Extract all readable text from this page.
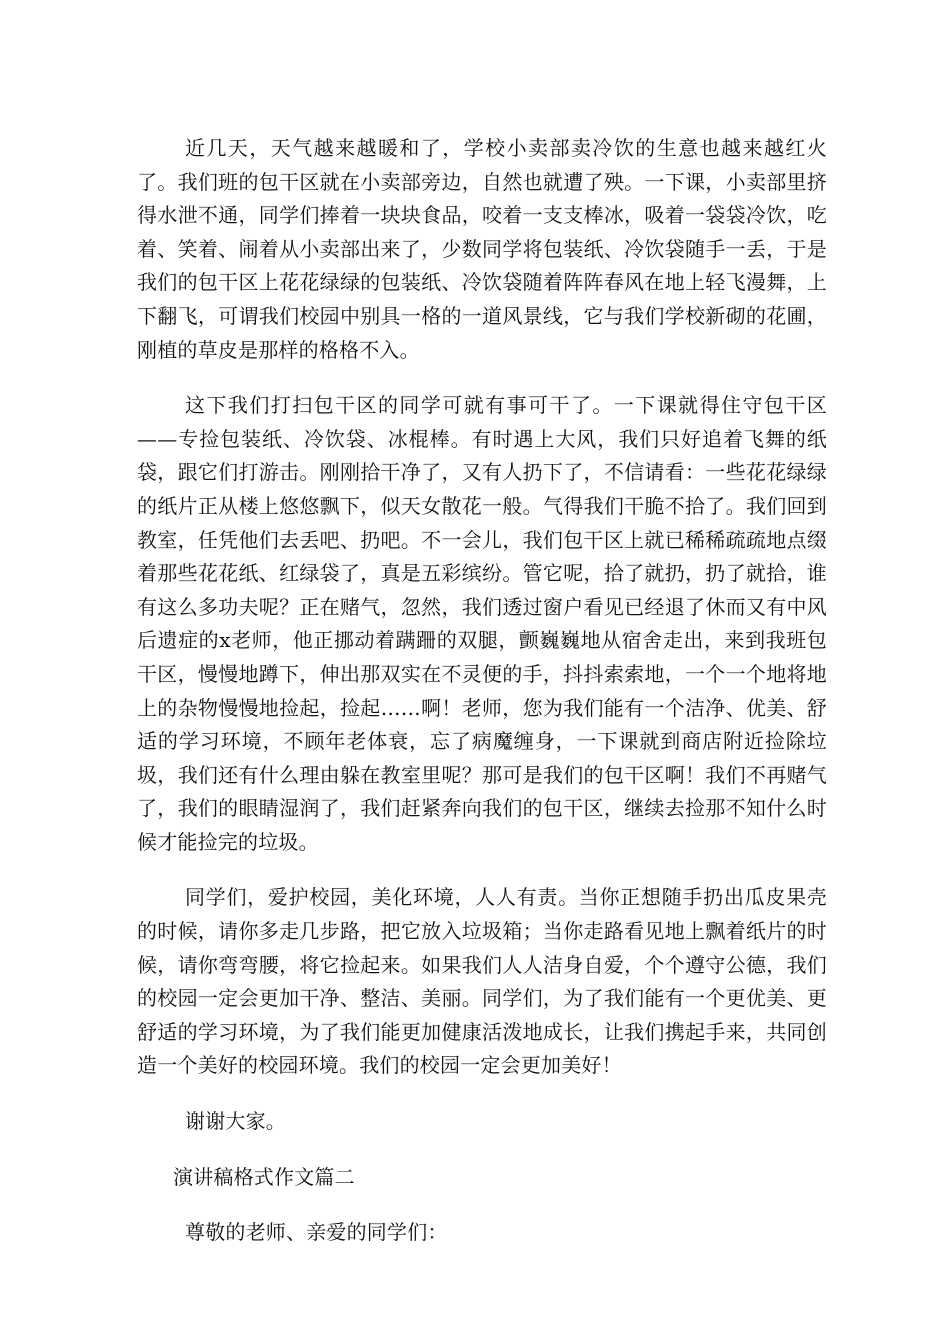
近几天，天气越来越暖和了，学校小卖部卖冷饮的生意也越来越红火了。我们班的包干区就在小卖部旁边，自然也就遭了殃。一下课，小卖部里挤得水泄不通，同学们捧着一块块食品，咬着一支支棒冰，吸着一袋袋冷饮，吃着、笑着、闹着从小卖部出来了，少数同学将包装纸、冷饮袋随手一丢，于是我们的包干区上花花绿绿的包装纸、冷饮袋随着阵阵春风在地上轻飞漫舞，上下翻飞，可谓我们校园中别具一格的一道风景线，它与我们学校新砌的花圃，刚植的草皮是那样的格格不入。

这下我们打扫包干区的同学可就有事可干了。一下课就得住守包干区——专捡包装纸、冷饮袋、冰棍棒。有时遇上大风，我们只好追着飞舞的纸袋，跟它们打游击。刚刚拾干净了，又有人扔下了，不信请看：一些花花绿绿的纸片正从楼上悠悠飘下，似天女散花一般。气得我们干脆不拾了。我们回到教室，任凭他们去丢吧、扔吧。不一会儿，我们包干区上就已稀稀疏疏地点缀着那些花花纸、红绿袋了，真是五彩缤纷。管它呢，拾了就扔，扔了就拾，谁有这么多功夫呢？正在赌气，忽然，我们透过窗户看见已经退了休而又有中风后遗症的x老师，他正挪动着蹒跚的双腿，颤巍巍地从宿舍走出，来到我班包干区，慢慢地蹲下，伸出那双实在不灵便的手，抖抖索索地，一个一个地将地上的杂物慢慢地捡起，捡起……啊！老师，您为我们能有一个洁净、优美、舒适的学习环境，不顾年老体衰，忘了病魔缠身，一下课就到商店附近捡除垃圾，我们还有什么理由躲在教室里呢？那可是我们的包干区啊！我们不再赌气了，我们的眼睛湿润了，我们赶紧奔向我们的包干区，继续去捡那不知什么时候才能捡完的垃圾。

同学们，爱护校园，美化环境，人人有责。当你正想随手扔出瓜皮果壳的时候，请你多走几步路，把它放入垃圾箱；当你走路看见地上飘着纸片的时候，请你弯弯腰，将它捡起来。如果我们人人洁身自爱，个个遵守公德，我们的校园一定会更加干净、整洁、美丽。同学们，为了我们能有一个更优美、更舒适的学习环境，为了我们能更加健康活泼地成长，让我们携起手来，共同创造一个美好的校园环境。我们的校园一定会更加美好！

谢谢大家。

演讲稿格式作文篇二

尊敬的老师、亲爱的同学们：
